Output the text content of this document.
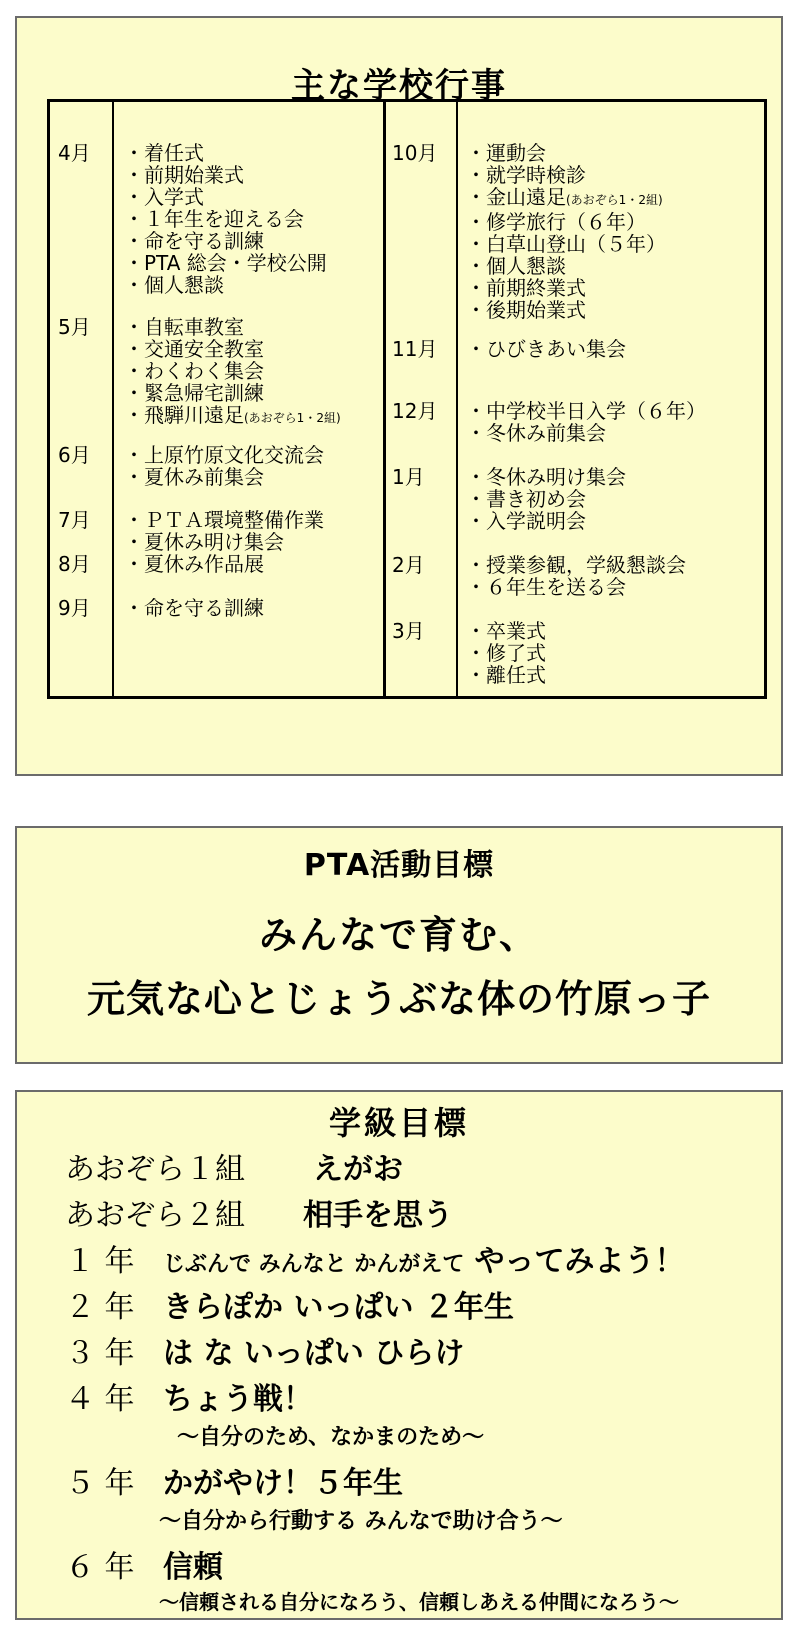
主な学校行事
4月 ・着任式
・前期始業式
・入学式
・１年生を迎える会
・命を守る訓練
・PTA 総会・学校公開
・個人懇談
5月 ・自転車教室
・交通安全教室
・わくわく集会
・緊急帰宅訓練
・飛騨川遠足(あおぞら1・2組)
6月 ・上原竹原文化交流会
・夏休み前集会
7月 ・ＰＴＡ環境整備作業
・夏休み明け集会
8月 ・夏休み作品展
9月 ・命を守る訓練
10月 ・運動会
・就学時検診
・金山遠足(あおぞら1・2組)
・修学旅行（６年）
・白草山登山（５年）
・個人懇談
・前期終業式
・後期始業式
11月 ・ひびきあい集会
12月 ・中学校半日入学（６年）
・冬休み前集会
1月 ・冬休み明け集会
・書き初め会
・入学説明会
2月 ・授業参観，学級懇談会
・６年生を送る会
3月 ・卒業式
・修了式
・離任式
PTA活動目標
みんなで育む、
元気な心とじょうぶな体の竹原っ子
学級目標
あおぞら１組 えがお
あおぞら２組 相手を思う
１ 年 じぶんで みんなと かんがえて やってみよう！
２ 年 きらぽか いっぱい ２年生
３ 年 は な いっぱい ひらけ
４ 年 ちょう戦！
～自分のため、なかまのため～
５ 年 かがやけ！５年生
～自分から行動する みんなで助け合う～
６ 年 信頼
～信頼される自分になろう、信頼しあえる仲間になろう～
